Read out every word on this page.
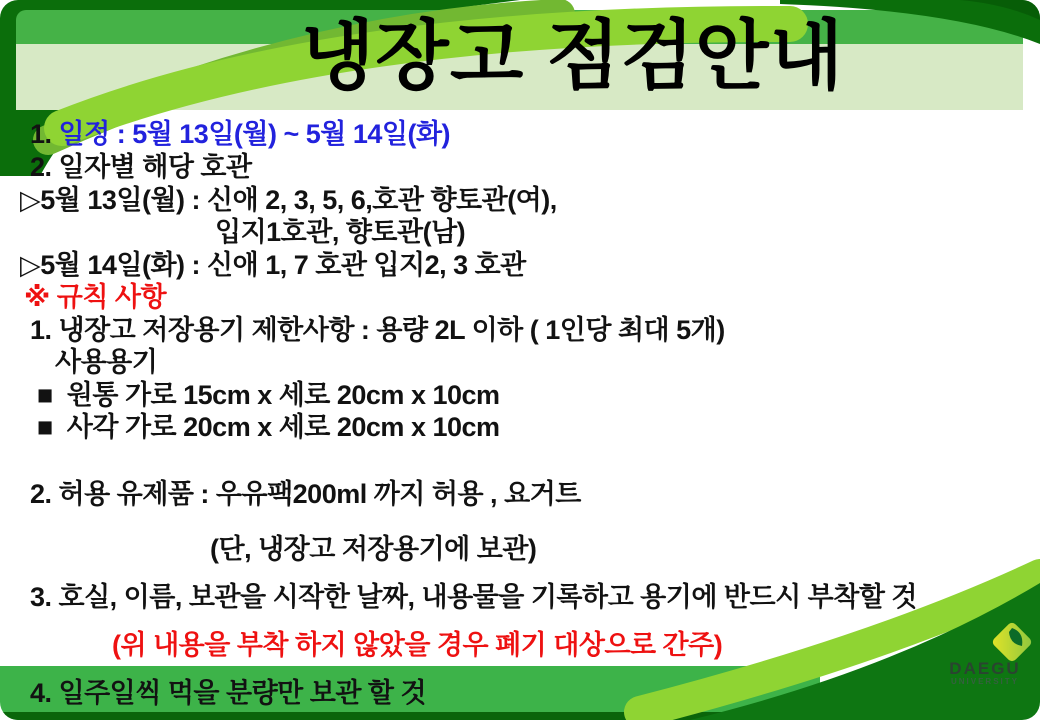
냉장고 점검안내
1. 일정 : 5월 13일(월) ~ 5월 14일(화)
2. 일자별 해당 호관
▷5월 13일(월) : 신애 2, 3, 5, 6,호관 향토관(여),
입지1호관, 향토관(남)
▷5월 14일(화) : 신애 1, 7 호관 입지2, 3 호관
※ 규칙 사항
1. 냉장고 저장용기 제한사항 : 용량 2L 이하 ( 1인당 최대 5개)
사용용기
■  원통 가로 15cm x 세로 20cm x 10cm
■  사각 가로 20cm x 세로 20cm x 10cm
2. 허용 유제품 : 우유팩200ml 까지 허용 , 요거트
(단, 냉장고 저장용기에 보관)
3. 호실, 이름, 보관을 시작한 날짜, 내용물을 기록하고 용기에 반드시 부착할 것
(위 내용을 부착 하지 않았을 경우 폐기 대상으로 간주)
4. 일주일씩 먹을 분량만 보관 할 것
DAEGU
UNIVERSITY
